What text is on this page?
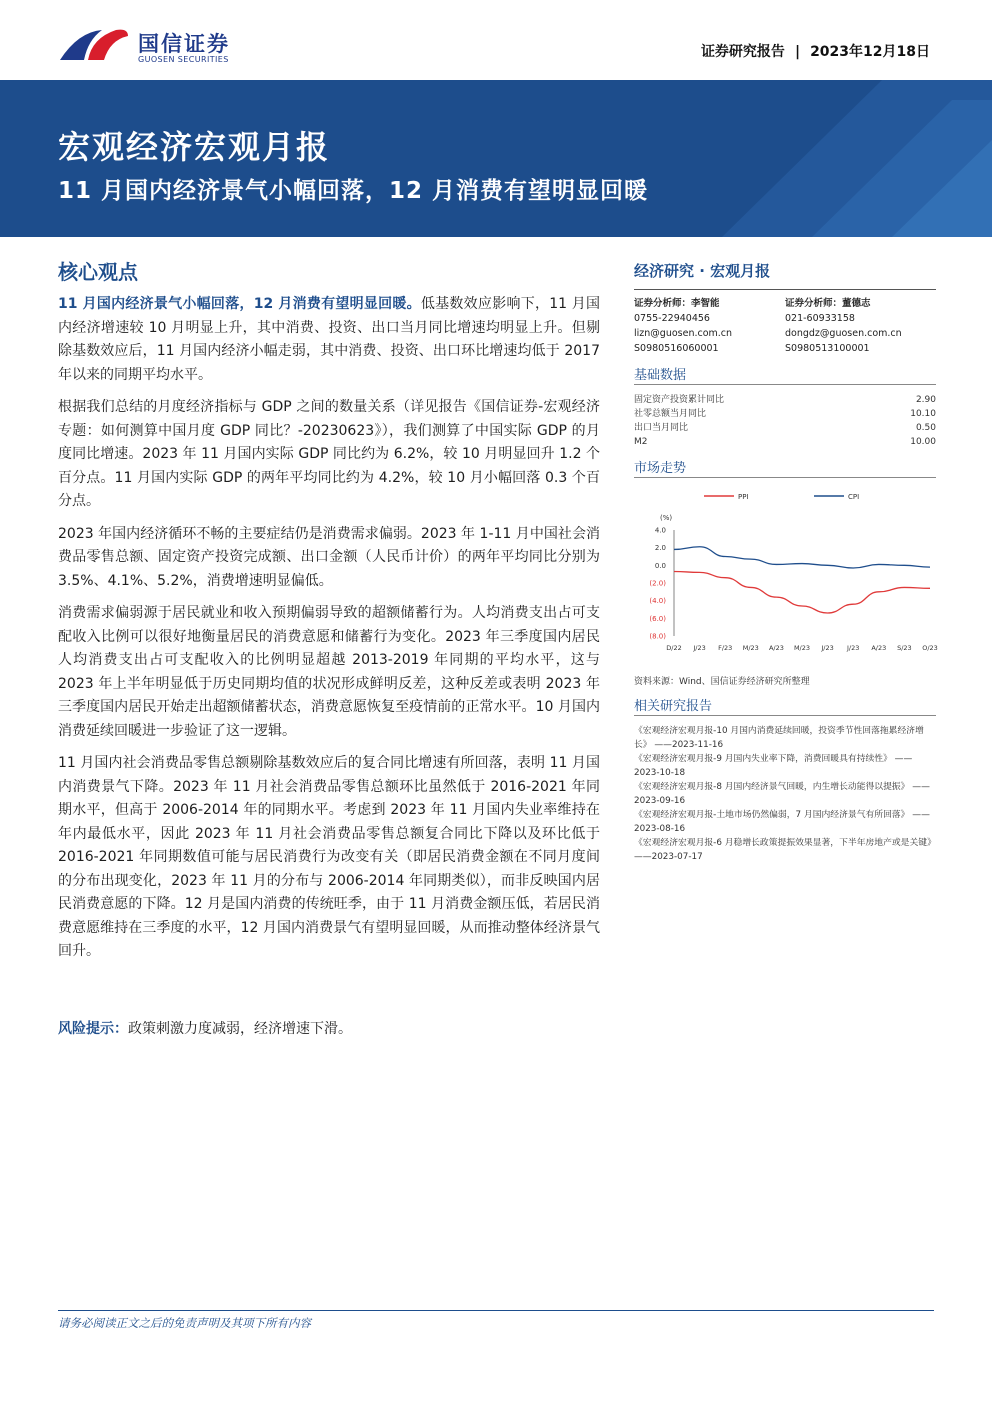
国信证券
GUOSEN SECURITIES	证券研究报告 | 2023年12月18日
宏观经济宏观月报
11 月国内经济景气小幅回落，12 月消费有望明显回暖
核心观点

11 月国内经济景气小幅回落，12 月消费有望明显回暖。低基数效应影响下，11 月国内经济增速较 10 月明显上升，其中消费、投资、出口当月同比增速均明显上升。但剔除基数效应后，11 月国内经济小幅走弱，其中消费、投资、出口环比增速均低于 2017 年以来的同期平均水平。

根据我们总结的月度经济指标与 GDP 之间的数量关系（详见报告《国信证券-宏观经济专题：如何测算中国月度 GDP 同比？-20230623》），我们测算了中国实际 GDP 的月度同比增速。2023 年 11 月国内实际 GDP 同比约为 6.2%，较 10 月明显回升 1.2 个百分点。11 月国内实际 GDP 的两年平均同比约为 4.2%，较 10 月小幅回落 0.3 个百分点。

2023 年国内经济循环不畅的主要症结仍是消费需求偏弱。2023 年 1-11 月中国社会消费品零售总额、固定资产投资完成额、出口金额（人民币计价）的两年平均同比分别为 3.5%、4.1%、5.2%，消费增速明显偏低。

消费需求偏弱源于居民就业和收入预期偏弱导致的超额储蓄行为。人均消费支出占可支配收入比例可以很好地衡量居民的消费意愿和储蓄行为变化。2023 年三季度国内居民人均消费支出占可支配收入的比例明显超越 2013-2019 年同期的平均水平，这与 2023 年上半年明显低于历史同期均值的状况形成鲜明反差，这种反差或表明 2023 年三季度国内居民开始走出超额储蓄状态，消费意愿恢复至疫情前的正常水平。10 月国内消费延续回暖进一步验证了这一逻辑。

11 月国内社会消费品零售总额剔除基数效应后的复合同比增速有所回落，表明 11 月国内消费景气下降。2023 年 11 月社会消费品零售总额环比虽然低于 2016-2021 年同期水平，但高于 2006-2014 年的同期水平。考虑到 2023 年 11 月国内失业率维持在年内最低水平，因此 2023 年 11 月社会消费品零售总额复合同比下降以及环比低于 2016-2021 年同期数值可能与居民消费行为改变有关（即居民消费金额在不同月度间的分布出现变化，2023 年 11 月的分布与 2006-2014 年同期类似），而非反映国内居民消费意愿的下降。12 月是国内消费的传统旺季，由于 11 月消费金额压低，若居民消费意愿维持在三季度的水平，12 月国内消费景气有望明显回暖，从而推动整体经济景气回升。

风险提示：政策刺激力度减弱，经济增速下滑。
经济研究 · 宏观月报
证券分析师：李智能
0755-22940456
lizn@guosen.com.cn
S0980516060001
证券分析师：董德志
021-60933158
dongdz@guosen.com.cn
S0980513100001
基础数据
固定资产投资累计同比	2.90
社零总额当月同比	10.10
出口当月同比	0.50
M2	10.00
市场走势
PPI	CPI
(%)
4.0
2.0
0.0
(2.0)
(4.0)
(6.0)
(8.0)
D/22 J/23 F/23 M/23 A/23 M/23 J/23 J/23 A/23 S/23 O/23
资料来源：Wind、国信证券经济研究所整理
相关研究报告
《宏观经济宏观月报-10 月国内消费延续回暖，投资季节性回落拖累经济增长》 ——2023-11-16
《宏观经济宏观月报-9 月国内失业率下降，消费回暖具有持续性》 ——2023-10-18
《宏观经济宏观月报-8 月国内经济景气回暖，内生增长动能得以提振》 ——2023-09-16
《宏观经济宏观月报-土地市场仍然偏弱，7 月国内经济景气有所回落》 ——2023-08-16
《宏观经济宏观月报-6 月稳增长政策提振效果显著，下半年房地产或是关键》 ——2023-07-17
请务必阅读正文之后的免责声明及其项下所有内容
